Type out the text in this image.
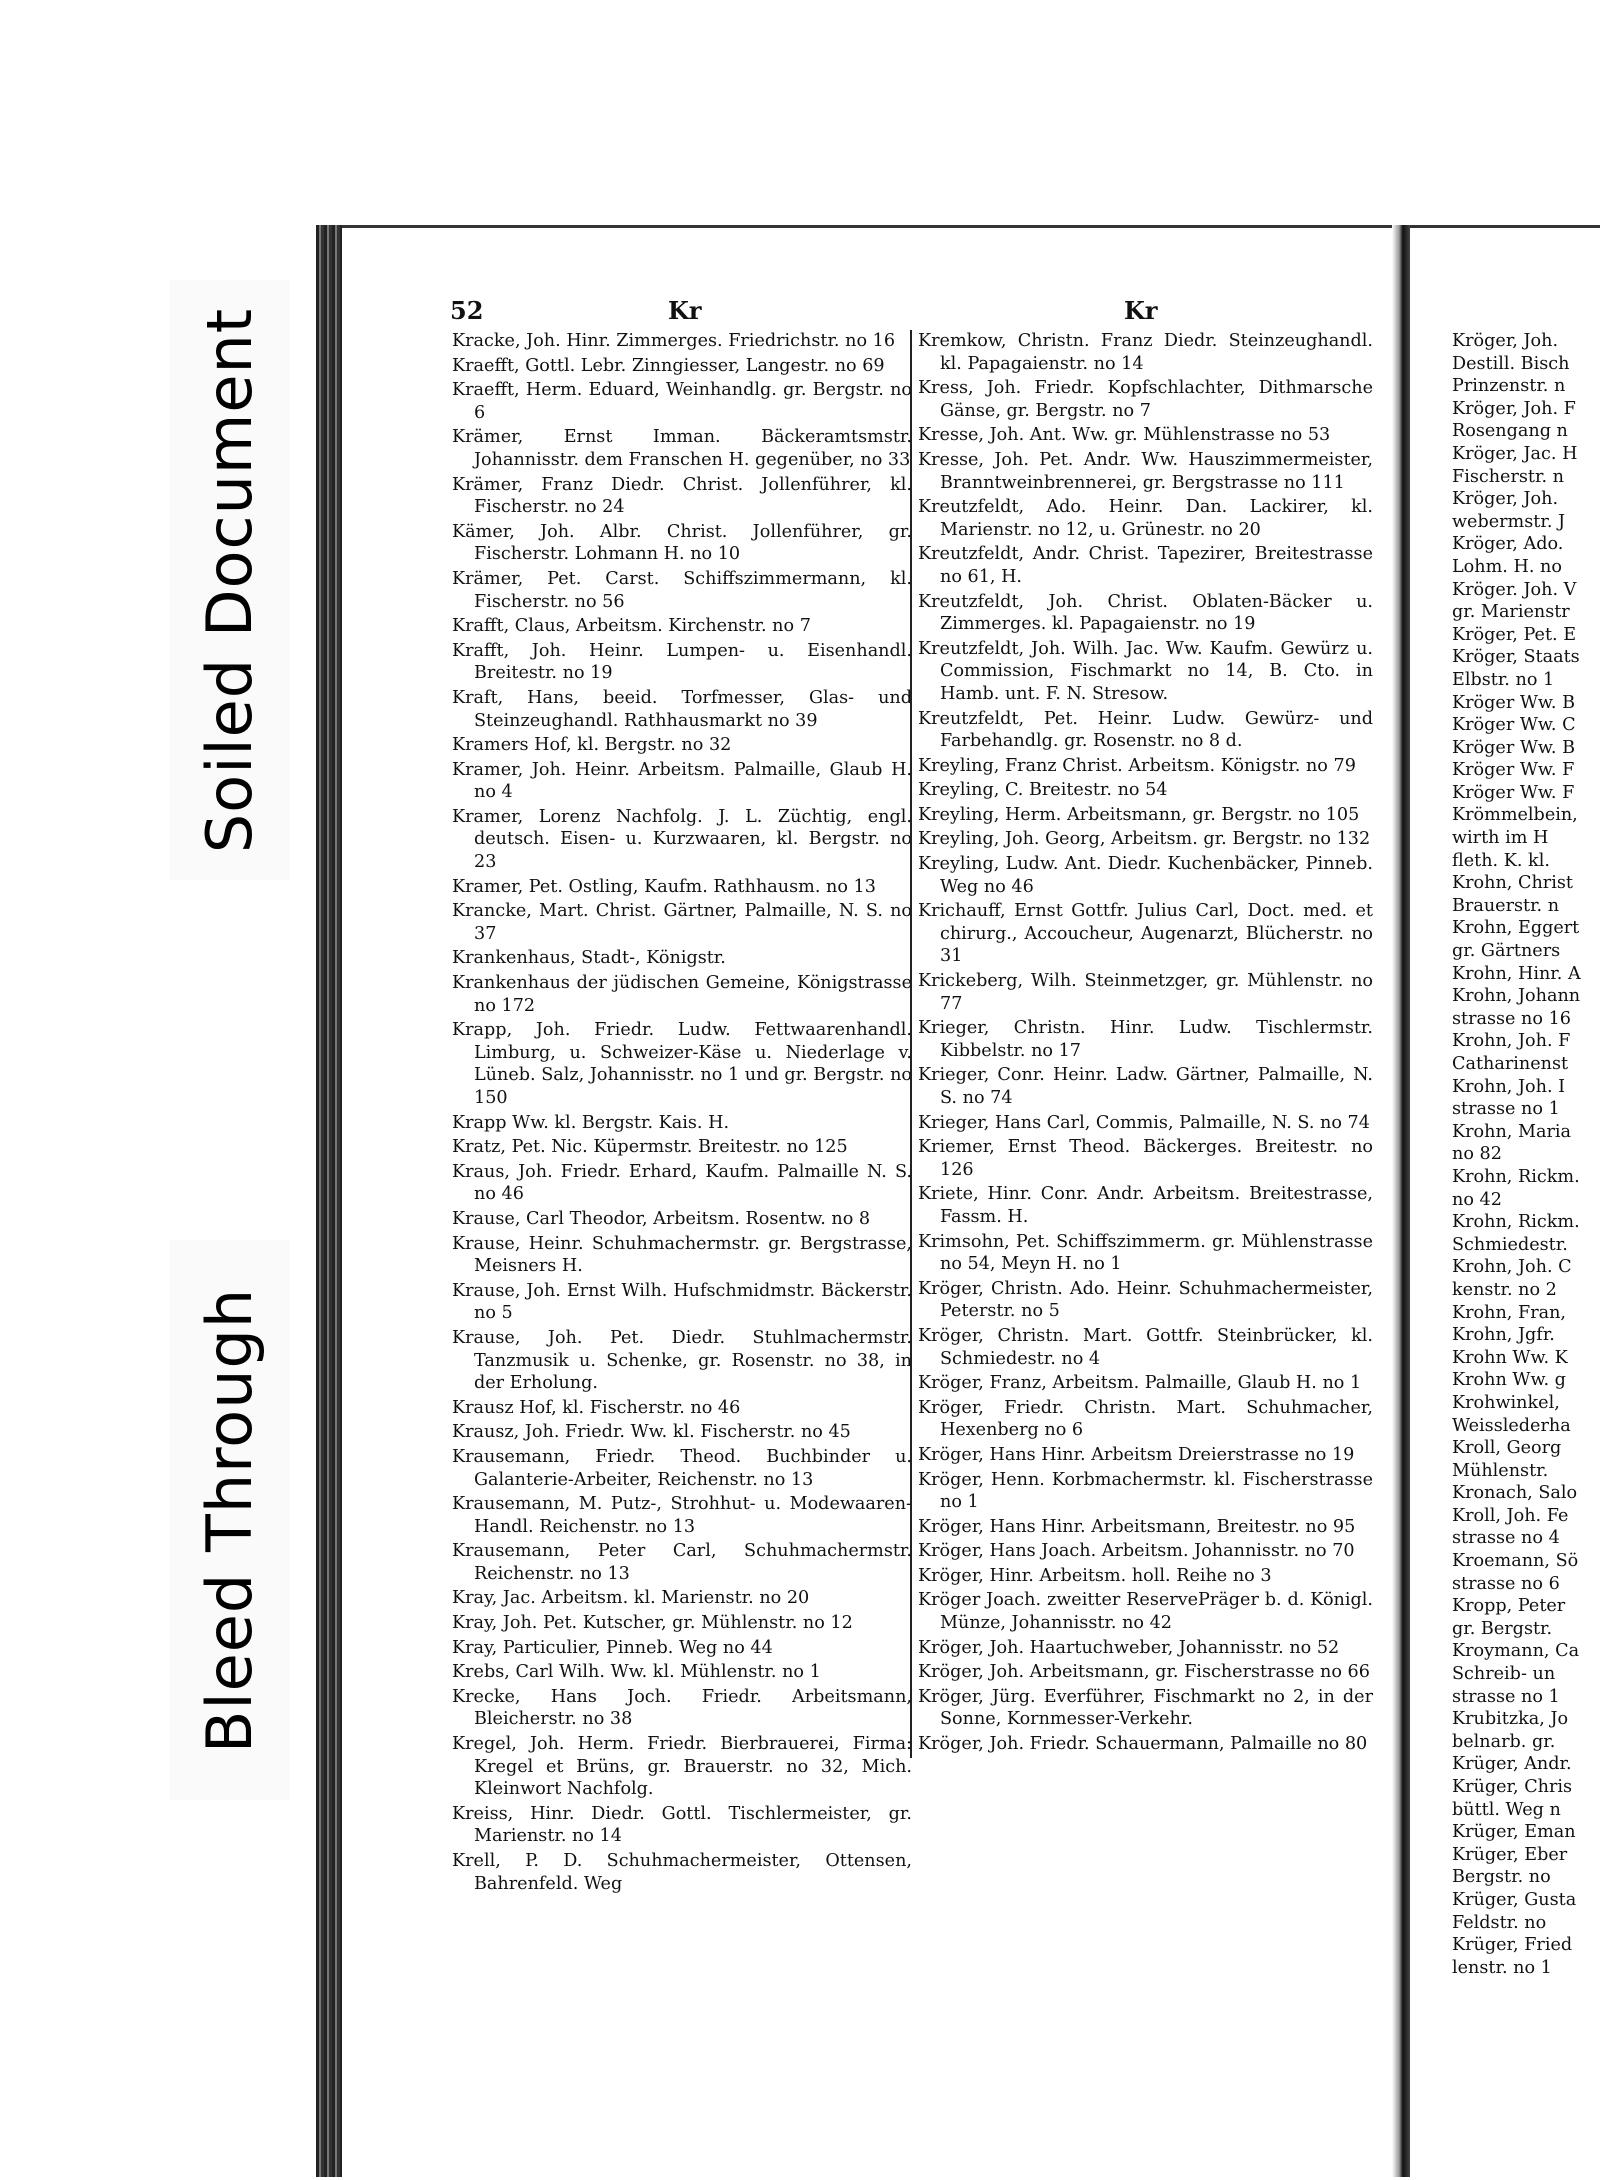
Soiled Document
Bleed Through
52	Kr	Kr
Kracke, Joh. Hinr. Zimmerges. Friedrichstr. no 16
Kraefft, Gottl. Lebr. Zinngiesser, Langestr. no 69
Kraefft, Herm. Eduard, Weinhandlg. gr. Bergstr. no 6
Krämer, Ernst Imman. Bäckeramtsmstr. Johannisstr. dem Franschen H. gegenüber, no 33
Krämer, Franz Diedr. Christ. Jollenführer, kl. Fischerstr. no 24
Kämer, Joh. Albr. Christ. Jollenführer, gr. Fischerstr. Lohmann H. no 10
Krämer, Pet. Carst. Schiffszimmermann, kl. Fischerstr. no 56
Krafft, Claus, Arbeitsm. Kirchenstr. no 7
Krafft, Joh. Heinr. Lumpen- u. Eisenhandl. Breitestr. no 19
Kraft, Hans, beeid. Torfmesser, Glas- und Steinzeughandl. Rathhausmarkt no 39
Kramers Hof, kl. Bergstr. no 32
Kramer, Joh. Heinr. Arbeitsm. Palmaille, Glaub H. no 4
Kramer, Lorenz Nachfolg. J. L. Züchtig, engl. deutsch. Eisen- u. Kurzwaaren, kl. Bergstr. no 23
Kramer, Pet. Ostling, Kaufm. Rathhausm. no 13
Krancke, Mart. Christ. Gärtner, Palmaille, N. S. no 37
Krankenhaus, Stadt-, Königstr.
Krankenhaus der jüdischen Gemeine, Königstrasse no 172
Krapp, Joh. Friedr. Ludw. Fettwaarenhandl. Limburg, u. Schweizer-Käse u. Niederlage v. Lüneb. Salz, Johannisstr. no 1 und gr. Bergstr. no 150
Krapp Ww. kl. Bergstr. Kais. H.
Kratz, Pet. Nic. Küpermstr. Breitestr. no 125
Kraus, Joh. Friedr. Erhard, Kaufm. Palmaille N. S. no 46
Krause, Carl Theodor, Arbeitsm. Rosentw. no 8
Krause, Heinr. Schuhmachermstr. gr. Bergstrasse, Meisners H.
Krause, Joh. Ernst Wilh. Hufschmidmstr. Bäckerstr. no 5
Krause, Joh. Pet. Diedr. Stuhlmachermstr. Tanzmusik u. Schenke, gr. Rosenstr. no 38, in der Erholung.
Krausz Hof, kl. Fischerstr. no 46
Krausz, Joh. Friedr. Ww. kl. Fischerstr. no 45
Krausemann, Friedr. Theod. Buchbinder u. Galanterie-Arbeiter, Reichenstr. no 13
Krausemann, M. Putz-, Strohhut- u. Modewaaren-Handl. Reichenstr. no 13
Krausemann, Peter Carl, Schuhmachermstr. Reichenstr. no 13
Kray, Jac. Arbeitsm. kl. Marienstr. no 20
Kray, Joh. Pet. Kutscher, gr. Mühlenstr. no 12
Kray, Particulier, Pinneb. Weg no 44
Krebs, Carl Wilh. Ww. kl. Mühlenstr. no 1
Krecke, Hans Joch. Friedr. Arbeitsmann, Bleicherstr. no 38
Kregel, Joh. Herm. Friedr. Bierbrauerei, Firma: Kregel et Brüns, gr. Brauerstr. no 32, Mich. Kleinwort Nachfolg.
Kreiss, Hinr. Diedr. Gottl. Tischlermeister, gr. Marienstr. no 14
Krell, P. D. Schuhmachermeister, Ottensen, Bahrenfeld. Weg
Kremkow, Christn. Franz Diedr. Steinzeughandl. kl. Papagaienstr. no 14
Kress, Joh. Friedr. Kopfschlachter, Dithmarsche Gänse, gr. Bergstr. no 7
Kresse, Joh. Ant. Ww. gr. Mühlenstrasse no 53
Kresse, Joh. Pet. Andr. Ww. Hauszimmermeister, Branntweinbrennerei, gr. Bergstrasse no 111
Kreutzfeldt, Ado. Heinr. Dan. Lackirer, kl. Marienstr. no 12, u. Grünestr. no 20
Kreutzfeldt, Andr. Christ. Tapezirer, Breitestrasse no 61, H.
Kreutzfeldt, Joh. Christ. Oblaten-Bäcker u. Zimmerges. kl. Papagaienstr. no 19
Kreutzfeldt, Joh. Wilh. Jac. Ww. Kaufm. Gewürz u. Commission, Fischmarkt no 14, B. Cto. in Hamb. unt. F. N. Stresow.
Kreutzfeldt, Pet. Heinr. Ludw. Gewürz- und Farbehandlg. gr. Rosenstr. no 8 d.
Kreyling, Franz Christ. Arbeitsm. Königstr. no 79
Kreyling, C. Breitestr. no 54
Kreyling, Herm. Arbeitsmann, gr. Bergstr. no 105
Kreyling, Joh. Georg, Arbeitsm. gr. Bergstr. no 132
Kreyling, Ludw. Ant. Diedr. Kuchenbäcker, Pinneb. Weg no 46
Krichauff, Ernst Gottfr. Julius Carl, Doct. med. et chirurg., Accoucheur, Augenarzt, Blücherstr. no 31
Krickeberg, Wilh. Steinmetzger, gr. Mühlenstr. no 77
Krieger, Christn. Hinr. Ludw. Tischlermstr. Kibbelstr. no 17
Krieger, Conr. Heinr. Ladw. Gärtner, Palmaille, N. S. no 74
Krieger, Hans Carl, Commis, Palmaille, N. S. no 74
Kriemer, Ernst Theod. Bäckerges. Breitestr. no 126
Kriete, Hinr. Conr. Andr. Arbeitsm. Breitestrasse, Fassm. H.
Krimsohn, Pet. Schiffszimmerm. gr. Mühlenstrasse no 54, Meyn H. no 1
Kröger, Christn. Ado. Heinr. Schuhmachermeister, Peterstr. no 5
Kröger, Christn. Mart. Gottfr. Steinbrücker, kl. Schmiedestr. no 4
Kröger, Franz, Arbeitsm. Palmaille, Glaub H. no 1
Kröger, Friedr. Christn. Mart. Schuhmacher, Hexenberg no 6
Kröger, Hans Hinr. Arbeitsm Dreierstrasse no 19
Kröger, Henn. Korbmachermstr. kl. Fischerstrasse no 1
Kröger, Hans Hinr. Arbeitsmann, Breitestr. no 95
Kröger, Hans Joach. Arbeitsm. Johannisstr. no 70
Kröger, Hinr. Arbeitsm. holl. Reihe no 3
Kröger Joach. zweitter ReservePräger b. d. Königl. Münze, Johannisstr. no 42
Kröger, Joh. Haartuchweber, Johannisstr. no 52
Kröger, Joh. Arbeitsmann, gr. Fischerstrasse no 66
Kröger, Jürg. Everführer, Fischmarkt no 2, in der Sonne, Kornmesser-Verkehr.
Kröger, Joh. Friedr. Schauermann, Palmaille no 80
Kröger, Joh.
Destill. Bisch
Prinzenstr. n
Kröger, Joh. F
Rosengang n
Kröger, Jac. H
Fischerstr. n
Kröger, Joh.
webermstr. J
Kröger, Ado.
Lohm. H. no
Kröger. Joh. V
gr. Marienstr
Kröger, Pet. E
Kröger, Staats
Elbstr. no 1
Kröger Ww. B
Kröger Ww. C
Kröger Ww. B
Kröger Ww. F
Kröger Ww. F
Krömmelbein,
wirth im H
fleth. K. kl.
Krohn, Christ
Brauerstr. n
Krohn, Eggert
gr. Gärtners
Krohn, Hinr. A
Krohn, Johann
strasse no 16
Krohn, Joh. F
Catharinenst
Krohn, Joh. I
strasse no 1
Krohn, Maria
no 82
Krohn, Rickm.
no 42
Krohn, Rickm.
Schmiedestr.
Krohn, Joh. C
kenstr. no 2
Krohn, Fran,
Krohn, Jgfr.
Krohn Ww. K
Krohn Ww. g
Krohwinkel,
Weisslederha
Kroll, Georg
Mühlenstr.
Kronach, Salo
Kroll, Joh. Fe
strasse no 4
Kroemann, Sö
strasse no 6
Kropp, Peter
gr. Bergstr.
Kroymann, Ca
Schreib- un
strasse no 1
Krubitzka, Jo
belnarb. gr.
Krüger, Andr.
Krüger, Chris
büttl. Weg n
Krüger, Eman
Krüger, Eber
Bergstr. no
Krüger, Gusta
Feldstr. no
Krüger, Fried
lenstr. no 1
